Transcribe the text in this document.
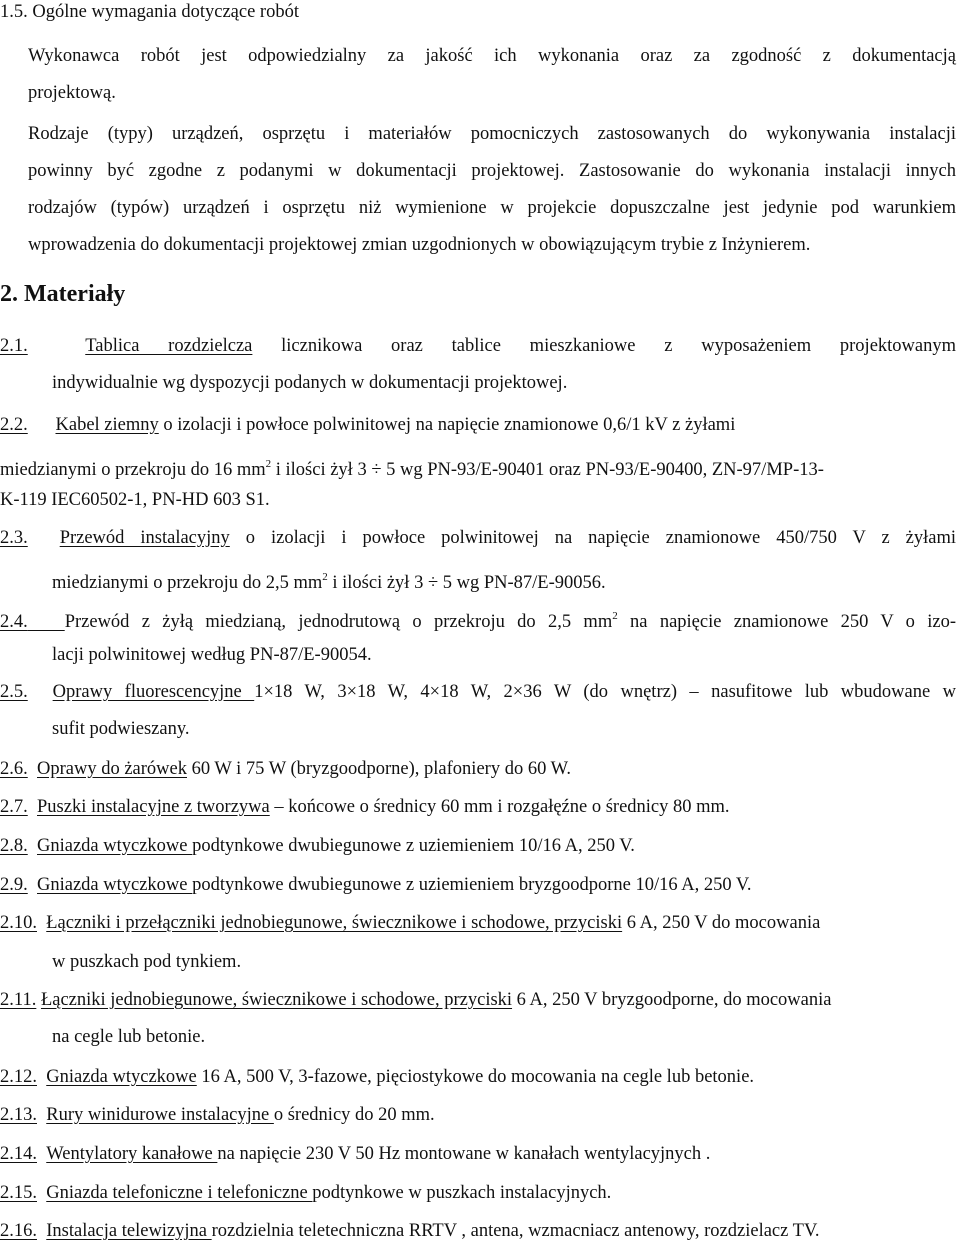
1.5. Ogólne wymagania dotyczące robót
Wykonawca robót jest odpowiedzialny za jakość ich wykonania oraz za zgodność z dokumentacją
projektową.
Rodzaje (typy) urządzeń, osprzętu i materiałów pomocniczych zastosowanych do wykonywania instalacji
powinny być zgodne z podanymi w dokumentacji projektowej. Zastosowanie do wykonania instalacji innych
rodzajów (typów) urządzeń i osprzętu niż wymienione w projekcie dopuszczalne jest jedynie pod warunkiem
wprowadzenia do dokumentacji projektowej zmian uzgodnionych w obowiązującym trybie z Inżynierem.
2. Materiały
2.1.	Tablica rozdzielcza licznikowa oraz tablice mieszkaniowe z wyposażeniem projektowanym
indywidualnie wg dyspozycji podanych w dokumentacji projektowej.
2.2. Kabel ziemny o izolacji i powłoce polwinitowej na napięcie znamionowe 0,6/1 kV z żyłami
miedzianymi o przekroju do 16 $mm^2$ i ilości żył 3 ÷ 5 wg PN-93/E-90401 oraz PN-93/E-90400, ZN-97/MP-13-
K-119 IEC60502-1, PN-HD 603 S1.
2.3. Przewód instalacyjny o izolacji i powłoce polwinitowej na napięcie znamionowe 450/750 V z żyłami
miedzianymi o przekroju do 2,5 $mm^2$ i ilości żył 3 ÷ 5 wg PN-87/E-90056.
2.4. Przewód z żyłą miedzianą, jednodrutową o przekroju do 2,5 $mm^2$ na napięcie znamionowe 250 V o izo-
lacji polwinitowej według PN-87/E-90054.
2.5. Oprawy fluorescencyjne 1×18 W, 3×18 W, 4×18 W, 2×36 W (do wnętrz) – nasufitowe lub wbudowane w
sufit podwieszany.
2.6. Oprawy do żarówek 60 W i 75 W (bryzgoodporne), plafoniery do 60 W.
2.7. Puszki instalacyjne z tworzywa – końcowe o średnicy 60 mm i rozgałęźne o średnicy 80 mm.
2.8. Gniazda wtyczkowe podtynkowe dwubiegunowe z uziemieniem 10/16 A, 250 V.
2.9. Gniazda wtyczkowe podtynkowe dwubiegunowe z uziemieniem bryzgoodporne 10/16 A, 250 V.
2.10. Łączniki i przełączniki jednobiegunowe, świecznikowe i schodowe, przyciski 6 A, 250 V do mocowania
w puszkach pod tynkiem.
2.11. Łączniki jednobiegunowe, świecznikowe i schodowe, przyciski 6 A, 250 V bryzgoodporne, do mocowania
na cegle lub betonie.
2.12. Gniazda wtyczkowe 16 A, 500 V, 3-fazowe, pięciostykowe do mocowania na cegle lub betonie.
2.13. Rury winidurowe instalacyjne o średnicy do 20 mm.
2.14. Wentylatory kanałowe na napięcie 230 V 50 Hz montowane w kanałach wentylacyjnych .
2.15. Gniazda telefoniczne i telefoniczne podtynkowe w puszkach instalacyjnych.
2.16. Instalacja telewizyjna rozdzielnia teletechniczna RRTV , antena, wzmacniacz antenowy, rozdzielacz TV.
